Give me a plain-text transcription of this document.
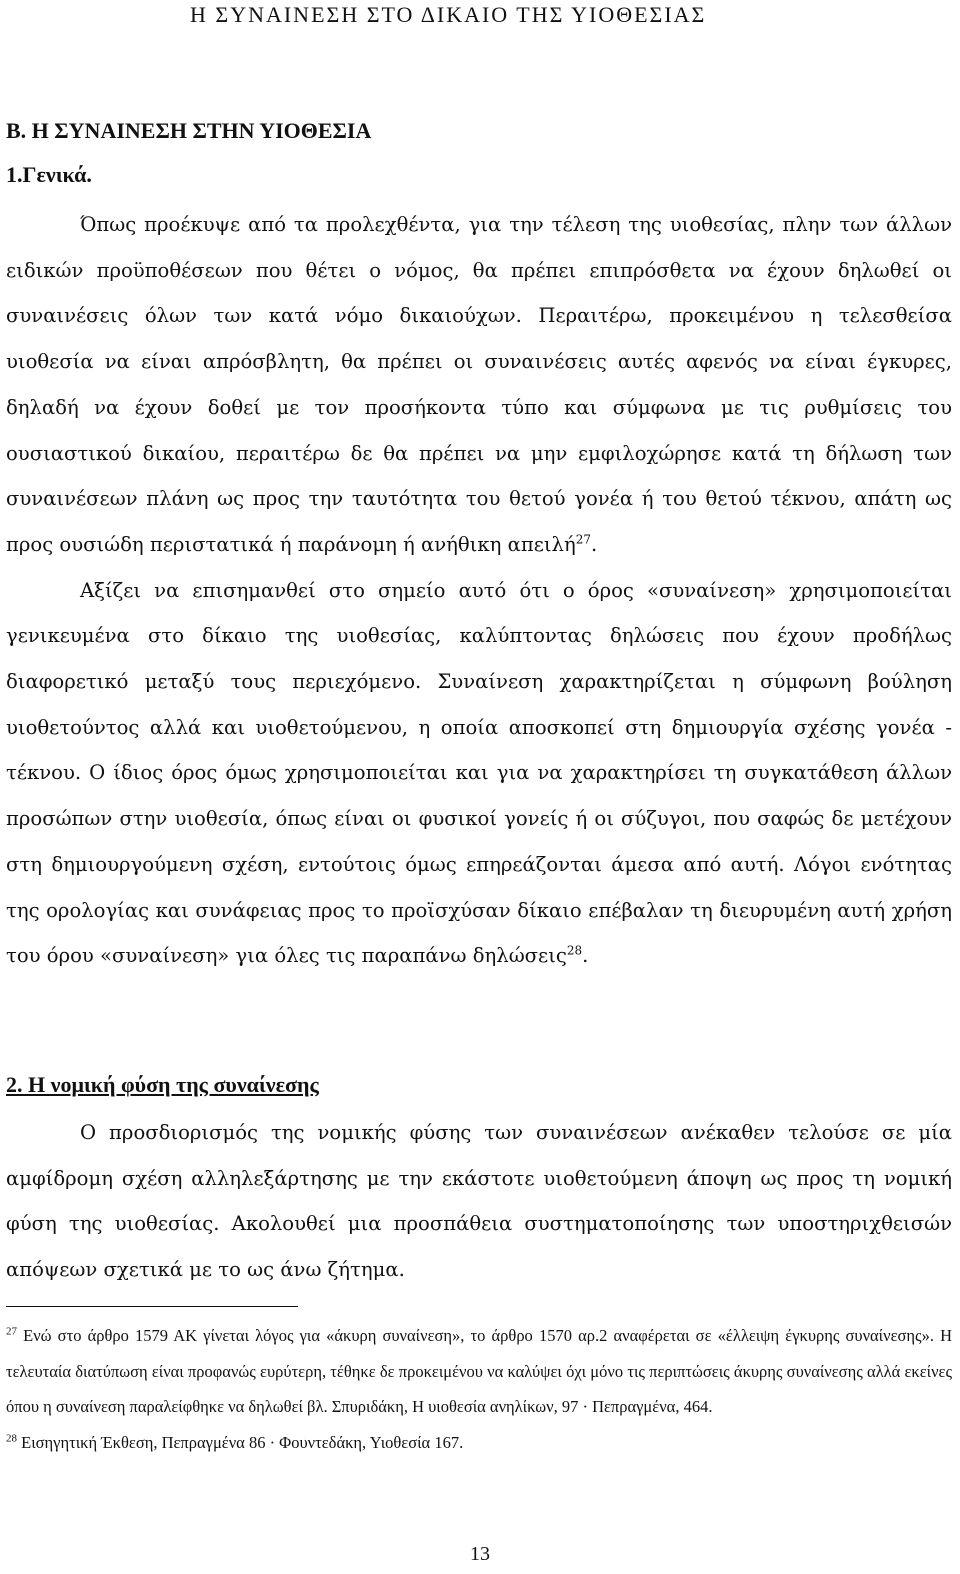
Η ΣΥΝΑΙΝΕΣΗ ΣΤΟ ΔΙΚΑΙΟ ΤΗΣ ΥΙΟΘΕΣΙΑΣ
Β. Η ΣΥΝΑΙΝΕΣΗ ΣΤΗΝ ΥΙΟΘΕΣΙΑ
1.Γενικά.

Όπως προέκυψε από τα προλεχθέντα, για την τέλεση της υιοθεσίας, πλην των άλλων ειδικών προϋποθέσεων που θέτει ο νόμος, θα πρέπει επιπρόσθετα να έχουν δηλωθεί οι συναινέσεις όλων των κατά νόμο δικαιούχων. Περαιτέρω, προκειμένου η τελεσθείσα υιοθεσία να είναι απρόσβλητη, θα πρέπει οι συναινέσεις αυτές αφενός να είναι έγκυρες, δηλαδή να έχουν δοθεί με τον προσήκοντα τύπο και σύμφωνα με τις ρυθμίσεις του ουσιαστικού δικαίου, περαιτέρω δε θα πρέπει να μην εμφιλοχώρησε κατά τη δήλωση των συναινέσεων πλάνη ως προς την ταυτότητα του θετού γονέα ή του θετού τέκνου, απάτη ως προς ουσιώδη περιστατικά ή παράνομη ή ανήθικη απειλή$^{27}$.

Αξίζει να επισημανθεί στο σημείο αυτό ότι ο όρος «συναίνεση» χρησιμοποιείται γενικευμένα στο δίκαιο της υιοθεσίας, καλύπτοντας δηλώσεις που έχουν προδήλως διαφορετικό μεταξύ τους περιεχόμενο. Συναίνεση χαρακτηρίζεται η σύμφωνη βούληση υιοθετούντος αλλά και υιοθετούμενου, η οποία αποσκοπεί στη δημιουργία σχέσης γονέα - τέκνου. Ο ίδιος όρος όμως χρησιμοποιείται και για να χαρακτηρίσει τη συγκατάθεση άλλων προσώπων στην υιοθεσία, όπως είναι οι φυσικοί γονείς ή οι σύζυγοι, που σαφώς δε μετέχουν στη δημιουργούμενη σχέση, εντούτοις όμως επηρεάζονται άμεσα από αυτή. Λόγοι ενότητας της ορολογίας και συνάφειας προς το προϊσχύσαν δίκαιο επέβαλαν τη διευρυμένη αυτή χρήση του όρου «συναίνεση» για όλες τις παραπάνω δηλώσεις$^{28}$.

2. Η νομική φύση της συναίνεσης

Ο προσδιορισμός της νομικής φύσης των συναινέσεων ανέκαθεν τελούσε σε μία αμφίδρομη σχέση αλληλεξάρτησης με την εκάστοτε υιοθετούμενη άποψη ως προς τη νομική φύση της υιοθεσίας. Ακολουθεί μια προσπάθεια συστηματοποίησης των υποστηριχθεισών απόψεων σχετικά με το ως άνω ζήτημα.

$^{27}$ Ενώ στο άρθρο 1579 ΑΚ γίνεται λόγος για «άκυρη συναίνεση», το άρθρο 1570 αρ.2 αναφέρεται σε «έλλειψη έγκυρης συναίνεσης». Η τελευταία διατύπωση είναι προφανώς ευρύτερη, τέθηκε δε προκειμένου να καλύψει όχι μόνο τις περιπτώσεις άκυρης συναίνεσης αλλά εκείνες όπου η συναίνεση παραλείφθηκε να δηλωθεί βλ. Σπυριδάκη, Η υιοθεσία ανηλίκων, 97 · Πεπραγμένα, 464.

$^{28}$ Εισηγητική Έκθεση, Πεπραγμένα 86 · Φουντεδάκη, Υιοθεσία 167.

13
